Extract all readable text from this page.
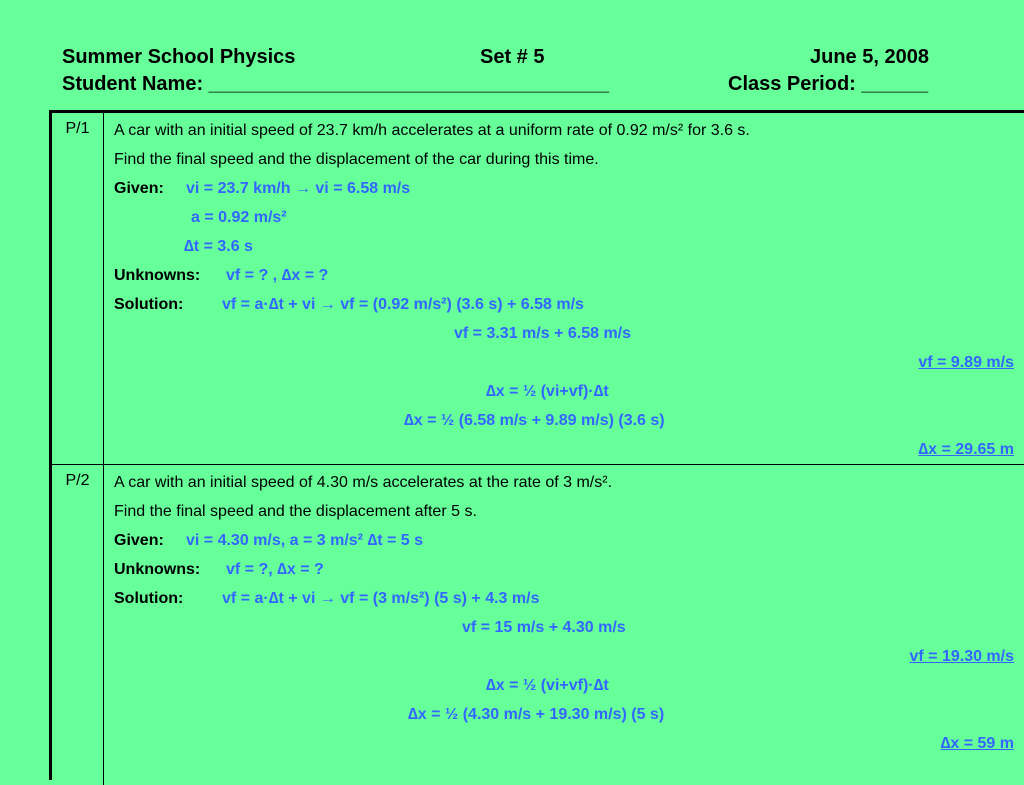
Summer School Physics	Set # 5	June 5, 2008
Student Name: ____________________________________	Class Period: ______
P/1	A car with an initial speed of 23.7 km/h accelerates at a uniform rate of 0.92 m/s² for 3.6 s.
Find the final speed and the displacement of the car during this time.
Given: vi = 23.7 km/h → vi = 6.58 m/s
a = 0.92 m/s²
∆t = 3.6 s
Unknowns: vf = ? , ∆x = ?
Solution: vf = a·∆t + vi → vf = (0.92 m/s²) (3.6 s) + 6.58 m/s
vf = 3.31 m/s + 6.58 m/s
vf = 9.89 m/s
∆x = ½ (vi+vf)·∆t
∆x = ½ (6.58 m/s + 9.89 m/s) (3.6 s)
∆x = 29.65 m
P/2	A car with an initial speed of 4.30 m/s accelerates at the rate of 3 m/s².
Find the final speed and the displacement after 5 s.
Given: vi = 4.30 m/s, a = 3 m/s² ∆t = 5 s
Unknowns: vf = ?, ∆x = ?
Solution: vf = a·∆t + vi → vf = (3 m/s²) (5 s) + 4.3 m/s
vf = 15 m/s + 4.30 m/s
vf = 19.30 m/s
∆x = ½ (vi+vf)·∆t
∆x = ½ (4.30 m/s + 19.30 m/s) (5 s)
∆x = 59 m
